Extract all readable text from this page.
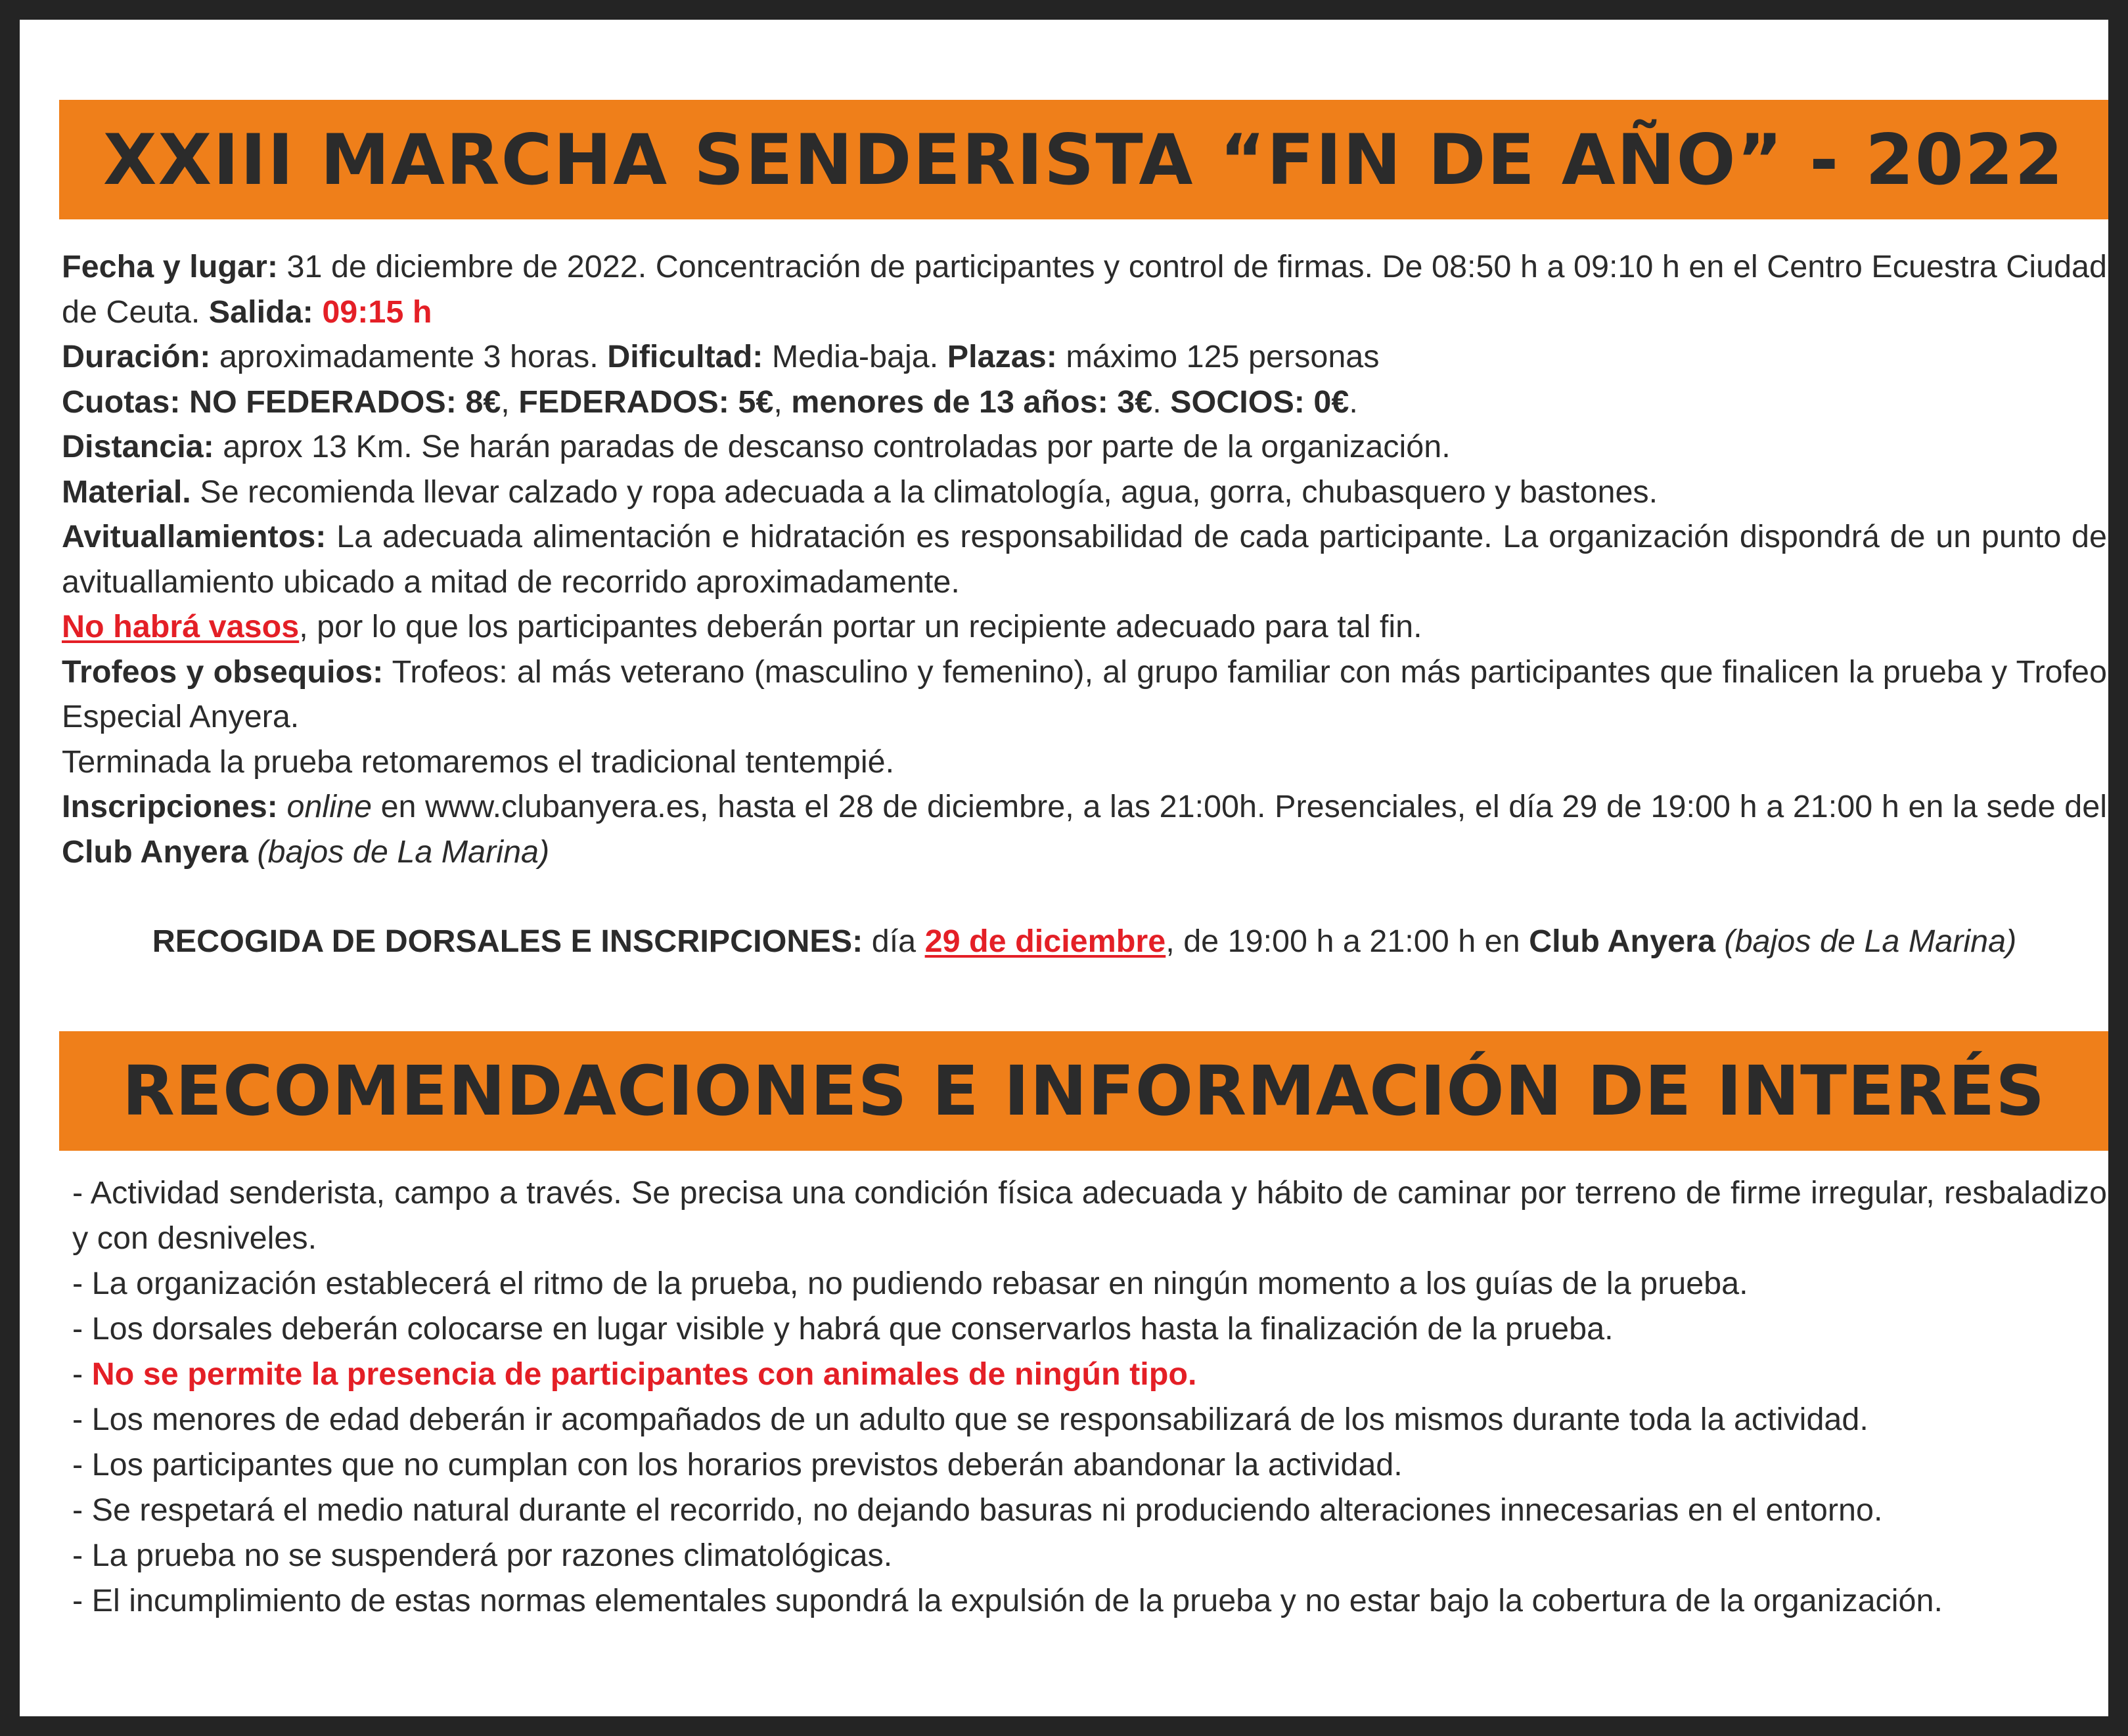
XXIII MARCHA SENDERISTA “FIN DE AÑO” - 2022

Fecha y lugar: 31 de diciembre de 2022. Concentración de participantes y control de firmas. De 08:50 h a 09:10 h en el Centro Ecuestra Ciudad de Ceuta. Salida: 09:15 h

Duración: aproximadamente 3 horas. Dificultad: Media-baja. Plazas: máximo 125 personas

Cuotas: NO FEDERADOS: 8€, FEDERADOS: 5€, menores de 13 años: 3€. SOCIOS: 0€.

Distancia: aprox 13 Km. Se harán paradas de descanso controladas por parte de la organización.

Material. Se recomienda llevar calzado y ropa adecuada a la climatología, agua, gorra, chubasquero y bastones.

Avituallamientos: La adecuada alimentación e hidratación es responsabilidad de cada participante. La organización dispondrá de un punto de avituallamiento ubicado a mitad de recorrido aproximadamente.

No habrá vasos, por lo que los participantes deberán portar un recipiente adecuado para tal fin.

Trofeos y obsequios: Trofeos: al más veterano (masculino y femenino), al grupo familiar con más participantes que finalicen la prueba y Trofeo Especial Anyera.

Terminada la prueba retomaremos el tradicional tentempié.

Inscripciones: online en www.clubanyera.es, hasta el 28 de diciembre, a las 21:00h. Presenciales, el día 29 de 19:00 h a 21:00 h en la sede del Club Anyera (bajos de La Marina)

RECOGIDA DE DORSALES E INSCRIPCIONES: día 29 de diciembre, de 19:00 h a 21:00 h en Club Anyera (bajos de La Marina)

RECOMENDACIONES E INFORMACIÓN DE INTERÉS

- Actividad senderista, campo a través. Se precisa una condición física adecuada y hábito de caminar por terreno de firme irregular, resbaladizo y con desniveles.

- La organización establecerá el ritmo de la prueba, no pudiendo rebasar en ningún momento a los guías de la prueba.

- Los dorsales deberán colocarse en lugar visible y habrá que conservarlos hasta la finalización de la prueba.

- No se permite la presencia de participantes con animales de ningún tipo.

- Los menores de edad deberán ir acompañados de un adulto que se responsabilizará de los mismos durante toda la actividad.

- Los participantes que no cumplan con los horarios previstos deberán abandonar la actividad.

- Se respetará el medio natural durante el recorrido, no dejando basuras ni produciendo alteraciones innecesarias en el entorno.

- La prueba no se suspenderá por razones climatológicas.

- El incumplimiento de estas normas elementales supondrá la expulsión de la prueba y no estar bajo la cobertura de la organización.
